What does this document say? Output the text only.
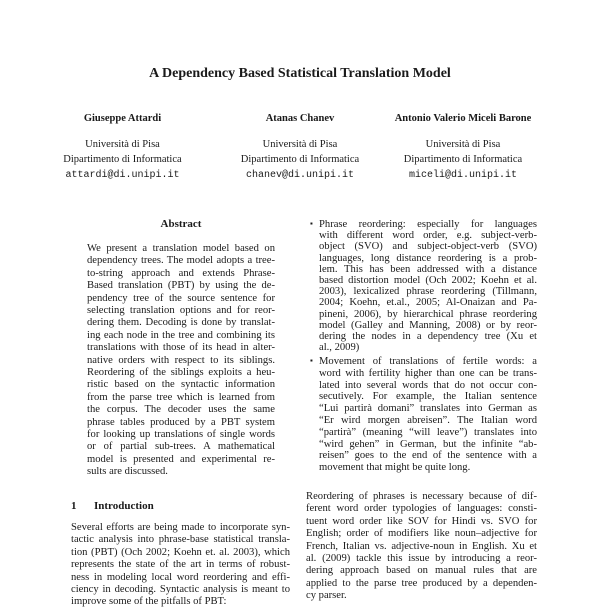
A Dependency Based Statistical Translation Model
Giuseppe Attardi	Atanas Chanev	Antonio Valerio Miceli Barone
Università di Pisa	Università di Pisa	Università di Pisa
Dipartimento di Informatica	Dipartimento di Informatica	Dipartimento di Informatica
attardi@di.unipi.it	chanev@di.unipi.it	miceli@di.unipi.it
Abstract
1 Introduction
▪
▪
We present a translation model based on
dependency trees. The model adopts a tree-
to-string approach and extends Phrase-
Based translation (PBT) by using the de-
pendency tree of the source sentence for
selecting translation options and for reor-
dering them. Decoding is done by translat-
ing each node in the tree and combining its
translations with those of its head in alter-
native orders with respect to its siblings.
Reordering of the siblings exploits a heu-
ristic based on the syntactic information
from the parse tree which is learned from
the corpus. The decoder uses the same
phrase tables produced by a PBT system
for looking up translations of single words
or of partial sub-trees. A mathematical
model is presented and experimental re-
sults are discussed.
Several efforts are being made to incorporate syn-
tactic analysis into phrase-base statistical transla-
tion (PBT) (Och 2002; Koehn et. al. 2003), which
represents the state of the art in terms of robust-
ness in modeling local word reordering and effi-
ciency in decoding. Syntactic analysis is meant to
improve some of the pitfalls of PBT:
Phrase reordering: especially for languages
with different word order, e.g. subject-verb-
object (SVO) and subject-object-verb (SVO)
languages, long distance reordering is a prob-
lem. This has been addressed with a distance
based distortion model (Och 2002; Koehn et al.
2003), lexicalized phrase reordering (Tillmann,
2004; Koehn, et.al., 2005; Al-Onaizan and Pa-
pineni, 2006), by hierarchical phrase reordering
model (Galley and Manning, 2008) or by reor-
dering the nodes in a dependency tree (Xu et
al., 2009)
Movement of translations of fertile words: a
word with fertility higher than one can be trans-
lated into several words that do not occur con-
secutively. For example, the Italian sentence
“Lui partirà domani” translates into German as
“Er wird morgen abreisen”. The Italian word
“partirà” (meaning “will leave”) translates into
“wird gehen” in German, but the infinite “ab-
reisen” goes to the end of the sentence with a
movement that might be quite long.
Reordering of phrases is necessary because of dif-
ferent word order typologies of languages: consti-
tuent word order like SOV for Hindi vs. SVO for
English; order of modifiers like noun–adjective for
French, Italian vs. adjective-noun in English. Xu et
al. (2009) tackle this issue by introducing a reor-
dering approach based on manual rules that are
applied to the parse tree produced by a dependen-
cy parser.
